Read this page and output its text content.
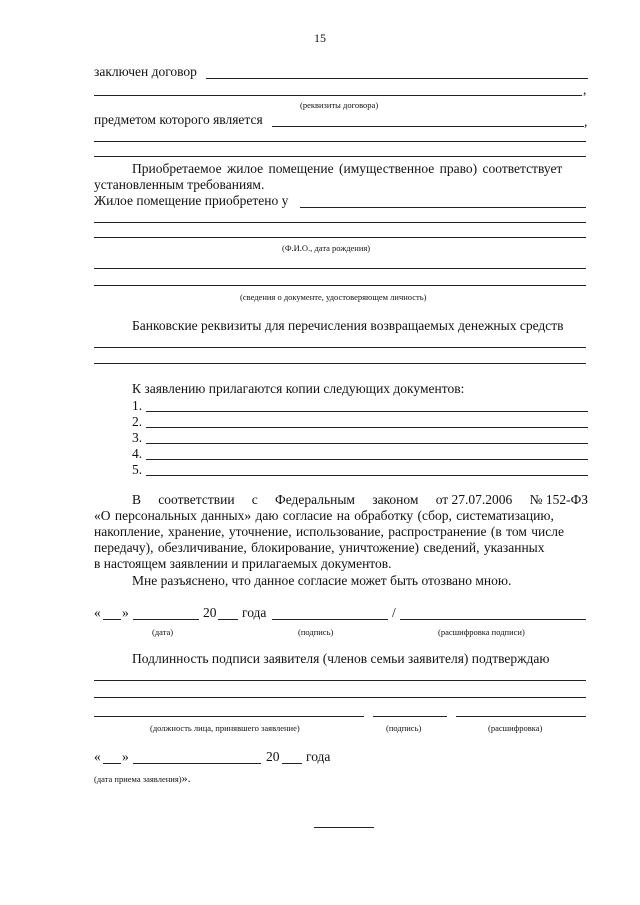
15
заключен договор
,
(реквизиты договора)
предметом которого является	,
Приобретаемое жилое помещение (имущественное право) соответствует
установленным требованиям.
Жилое помещение приобретено у
(Ф.И.О., дата рождения)
(сведения о документе, удостоверяющем личность)
Банковские реквизиты для перечисления возвращаемых денежных средств
К заявлению прилагаются копии следующих документов:
1.
2.
3.
4.
5.
В соответствии с Федеральным законом от 27.07.2006 № 152-ФЗ
«О персональных данных» даю согласие на обработку (сбор, систематизацию,
накопление, хранение, уточнение, использование, распространение (в том числе
передачу), обезличивание, блокирование, уничтожение) сведений, указанных
в настоящем заявлении и прилагаемых документов.
Мне разъяснено, что данное согласие может быть отозвано мною.
« »	20 года	/
(дата)	(подпись)	(расшифровка подписи)
Подлинность подписи заявителя (членов семьи заявителя) подтверждаю
(должность лица, принявшего заявление)	(подпись)	(расшифровка)
« »	20 года
(дата приема заявления)».
